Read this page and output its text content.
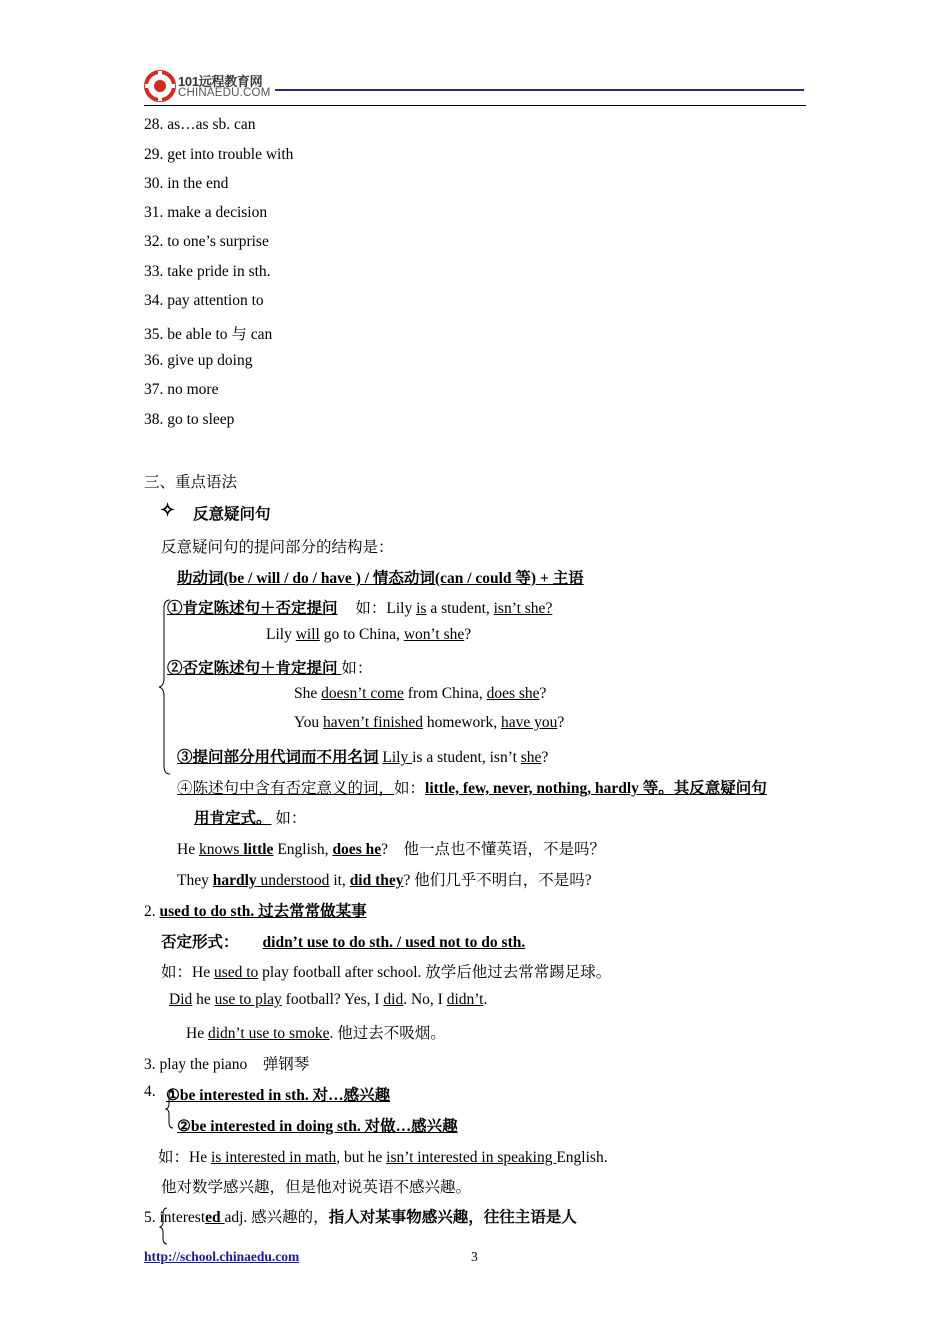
101远程教育网
CHINAEDU.COM
28. as…as sb. can
29. get into trouble with
30. in the end
31. make a decision
32. to one’s surprise
33. take pride in sth.
34. pay attention to
35. be able to 与 can
36. give up doing
37. no more
38. go to sleep
三、重点语法
✧ 反意疑问句
反意疑问句的提问部分的结构是：
助动词(be / will / do / have ) / 情态动词(can / could 等) + 主语
①肯定陈述句＋否定提问 如：Lily is a student, isn’t she?
Lily will go to China, won’t she?
②否定陈述句＋肯定提问 如：
She doesn’t come from China, does she?
You haven’t finished homework, have you?
③提问部分用代词而不用名词 Lily is a student, isn’t she?
④陈述句中含有否定意义的词，如：little, few, never, nothing, hardly 等。其反意疑问句
用肯定式。 如：
He knows little English, does he?　他一点也不懂英语，不是吗？
They hardly understood it, did they? 他们几乎不明白，不是吗?
2. used to do sth. 过去常常做某事
否定形式： didn’t use to do sth. / used not to do sth.
如：He used to play football after school. 放学后他过去常常踢足球。
Did he use to play football? Yes, I did. No, I didn’t.
He didn’t use to smoke. 他过去不吸烟。
3. play the piano　弹钢琴
4. ①be interested in sth. 对…感兴趣
②be interested in doing sth. 对做…感兴趣
如：He is interested in math, but he isn’t interested in speaking English.
他对数学感兴趣，但是他对说英语不感兴趣。
5. interested adj. 感兴趣的，指人对某事物感兴趣，往往主语是人
http://school.chinaedu.com	3
